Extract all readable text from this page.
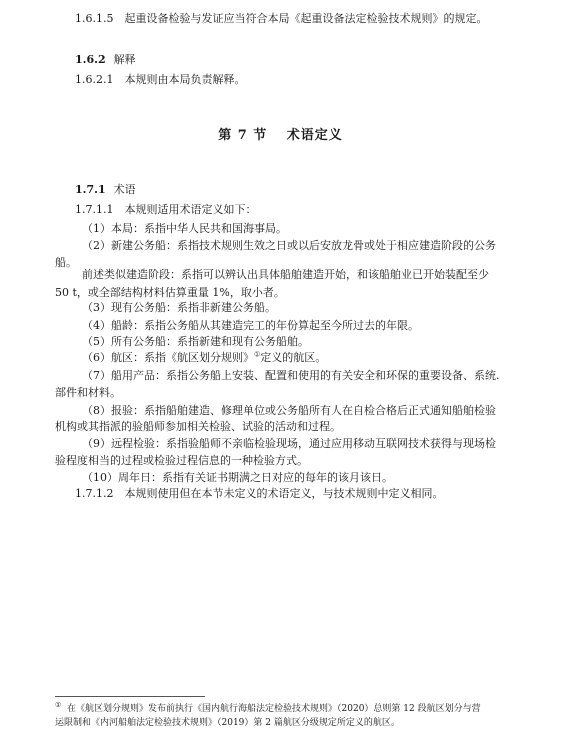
1.6.1.5　起重设备检验与发证应当符合本局《起重设备法定检验技术规则》的规定。
1.6.2 解释
1.6.2.1　本规则由本局负责解释。
第 7 节　 术语定义
1.7.1 术语
1.7.1.1　本规则适用术语定义如下：
（1）本局：系指中华人民共和国海事局。
（2）新建公务船：系指技术规则生效之日或以后安放龙骨或处于相应建造阶段的公务
船。
前述类似建造阶段：系指可以辨认出具体船舶建造开始，和该船舶业已开始装配至少
50 t，或全部结构材料估算重量 1%，取小者。
（3）现有公务船：系指非新建公务船。
（4）船龄：系指公务船从其建造完工的年份算起至今所过去的年限。
（5）所有公务船：系指新建和现有公务船舶。
（6）航区：系指《航区划分规则》①定义的航区。
（7）船用产品：系指公务船上安装、配置和使用的有关安全和环保的重要设备、系统.
部件和材料。
（8）报验：系指船舶建造、修理单位或公务船所有人在自检合格后正式通知船舶检验
机构或其指派的验船师参加相关检验、试验的活动和过程。
（9）远程检验：系指验船师不亲临检验现场，通过应用移动互联网技术获得与现场检
验程度相当的过程或检验过程信息的一种检验方式。
（10）周年日：系指有关证书期满之日对应的每年的该月该日。
1.7.1.2　本规则使用但在本节未定义的术语定义，与技术规则中定义相同。
① 在《航区划分规则》发布前执行《国内航行海船法定检验技术规则》（2020）总则第 12 段航区划分与营
运限制和《内河船舶法定检验技术规则》（2019）第 2 篇航区分级规定所定义的航区。
